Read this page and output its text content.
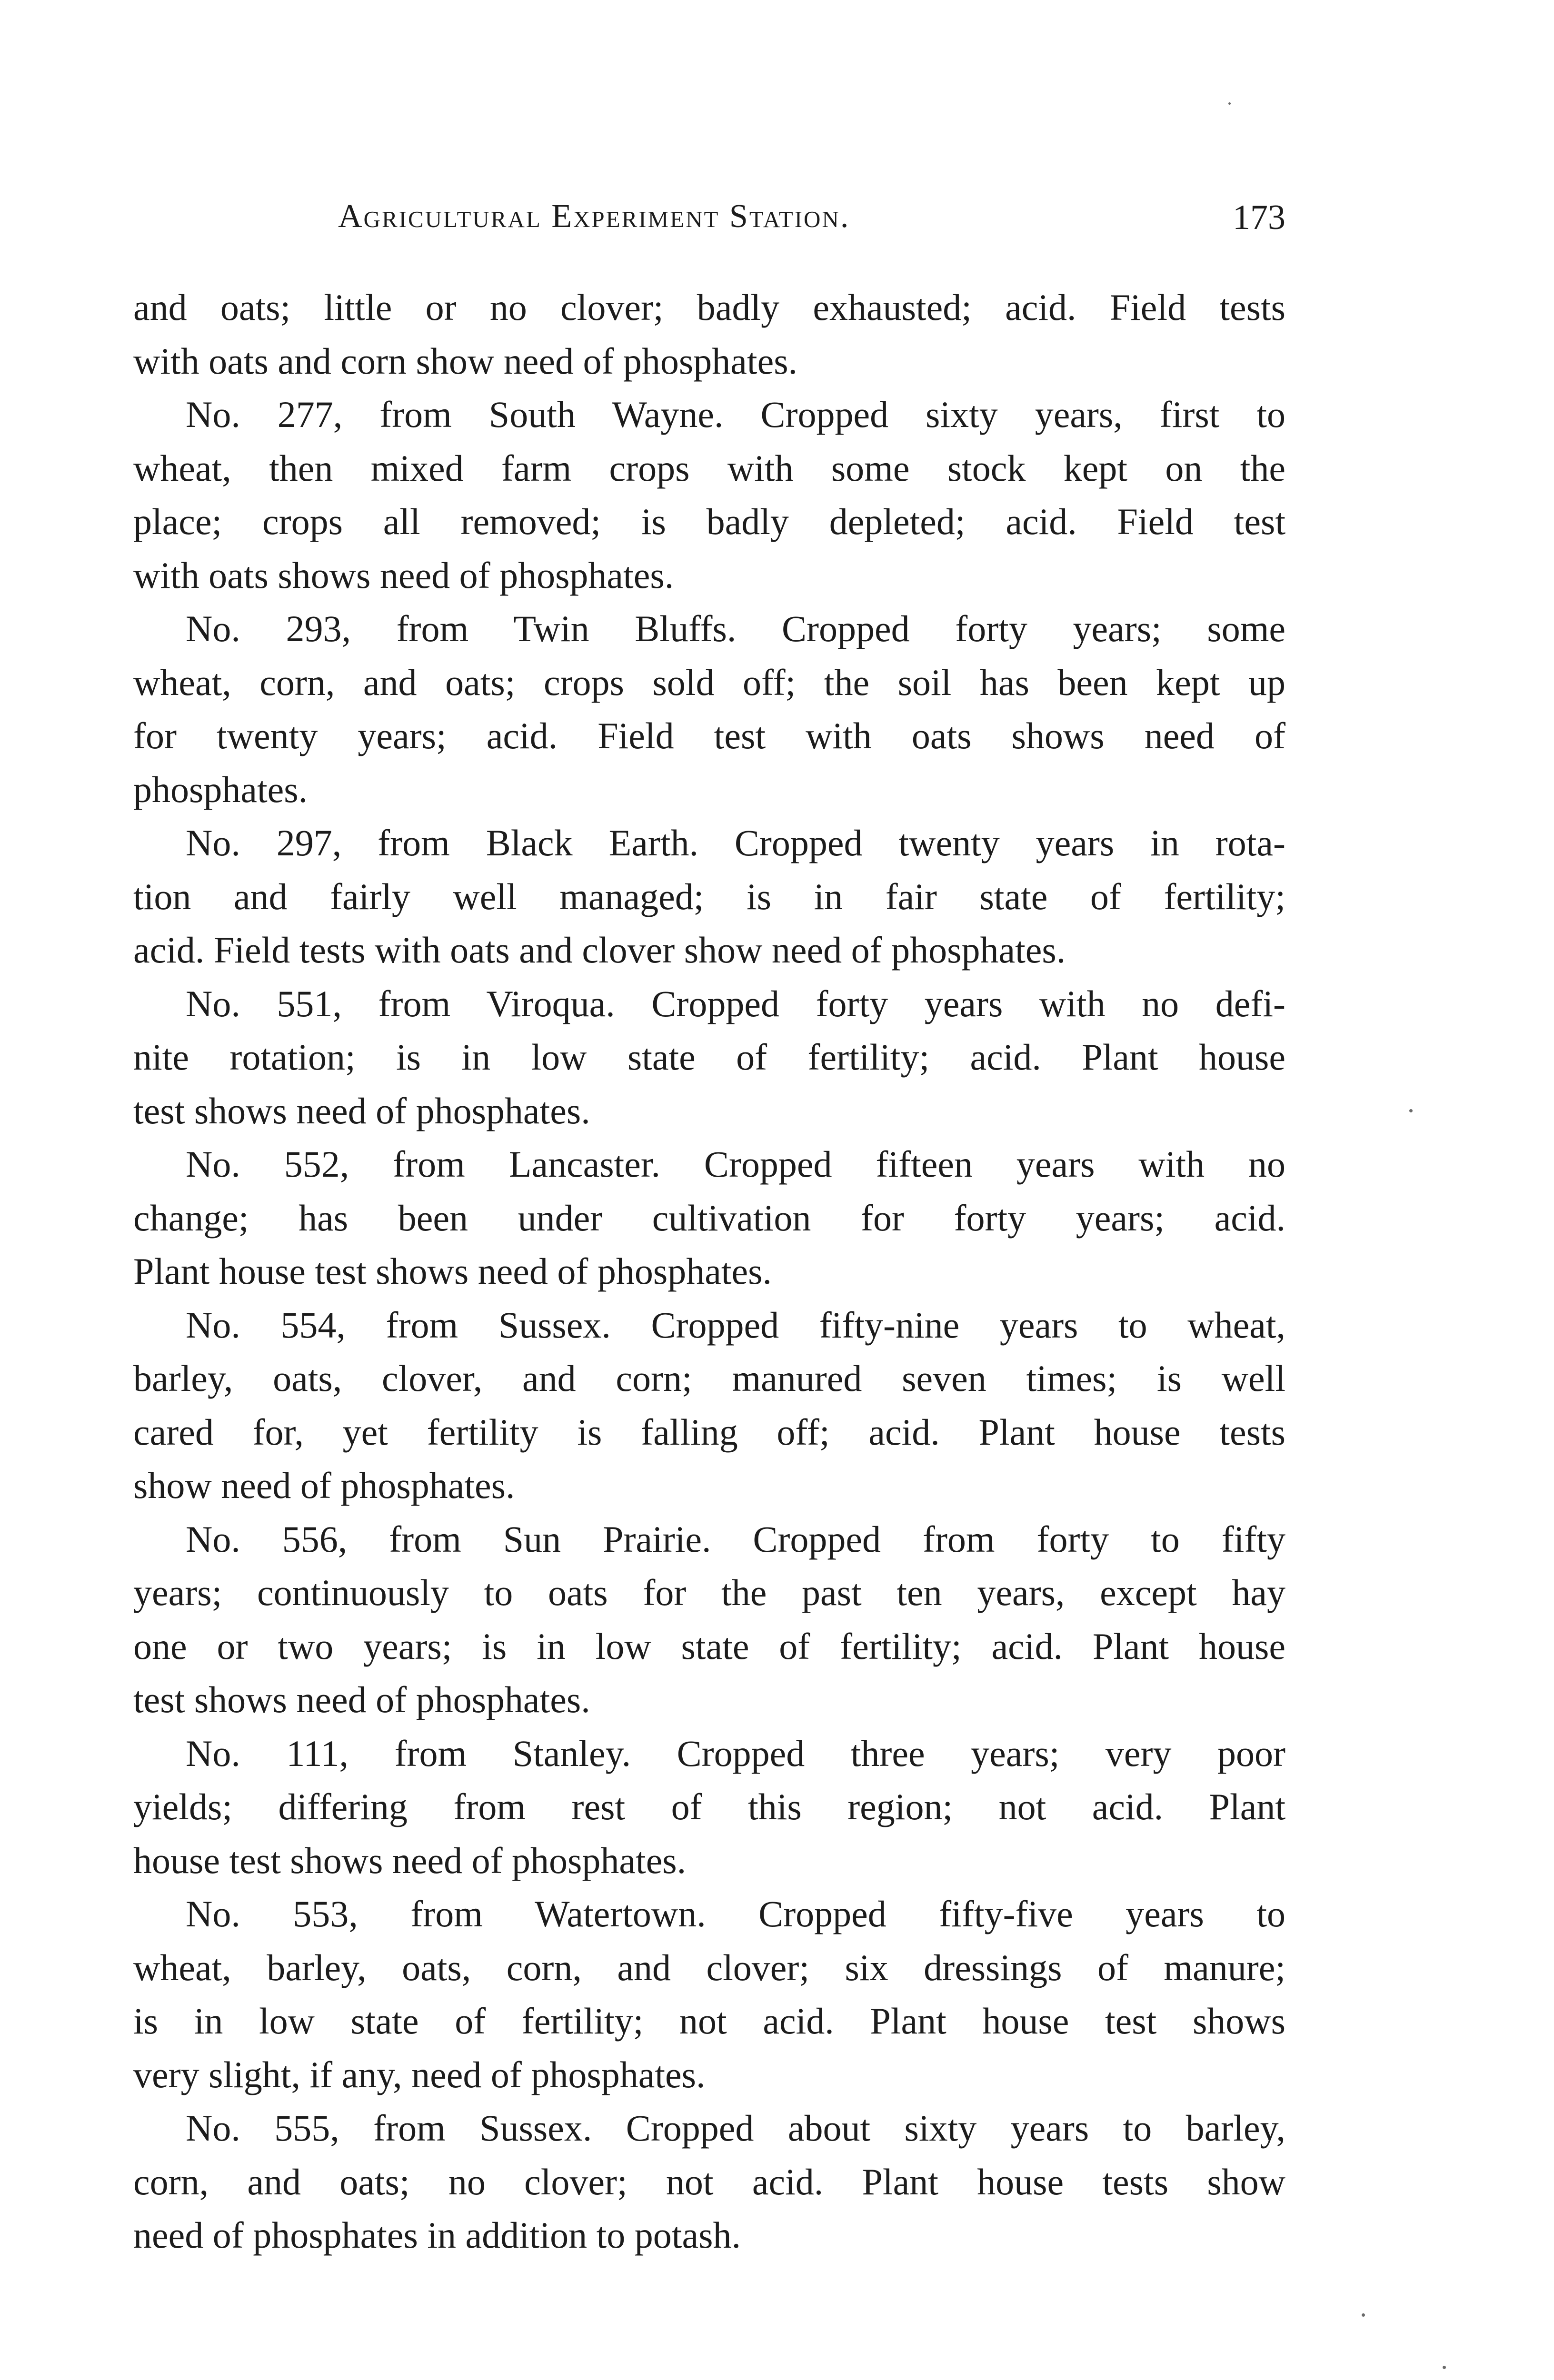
Agricultural Experiment Station.	173
and oats; little or no clover; badly exhausted; acid. Field tests
with oats and corn show need of phosphates.
No. 277, from South Wayne. Cropped sixty years, first to
wheat, then mixed farm crops with some stock kept on the
place; crops all removed; is badly depleted; acid. Field test
with oats shows need of phosphates.
No. 293, from Twin Bluffs. Cropped forty years; some
wheat, corn, and oats; crops sold off; the soil has been kept up
for twenty years; acid. Field test with oats shows need of
phosphates.
No. 297, from Black Earth. Cropped twenty years in rota-
tion and fairly well managed; is in fair state of fertility;
acid. Field tests with oats and clover show need of phosphates.
No. 551, from Viroqua. Cropped forty years with no defi-
nite rotation; is in low state of fertility; acid. Plant house
test shows need of phosphates.
No. 552, from Lancaster. Cropped fifteen years with no
change; has been under cultivation for forty years; acid.
Plant house test shows need of phosphates.
No. 554, from Sussex. Cropped fifty-nine years to wheat,
barley, oats, clover, and corn; manured seven times; is well
cared for, yet fertility is falling off; acid. Plant house tests
show need of phosphates.
No. 556, from Sun Prairie. Cropped from forty to fifty
years; continuously to oats for the past ten years, except hay
one or two years; is in low state of fertility; acid. Plant house
test shows need of phosphates.
No. 111, from Stanley. Cropped three years; very poor
yields; differing from rest of this region; not acid. Plant
house test shows need of phosphates.
No. 553, from Watertown. Cropped fifty-five years to
wheat, barley, oats, corn, and clover; six dressings of manure;
is in low state of fertility; not acid. Plant house test shows
very slight, if any, need of phosphates.
No. 555, from Sussex. Cropped about sixty years to barley,
corn, and oats; no clover; not acid. Plant house tests show
need of phosphates in addition to potash.
